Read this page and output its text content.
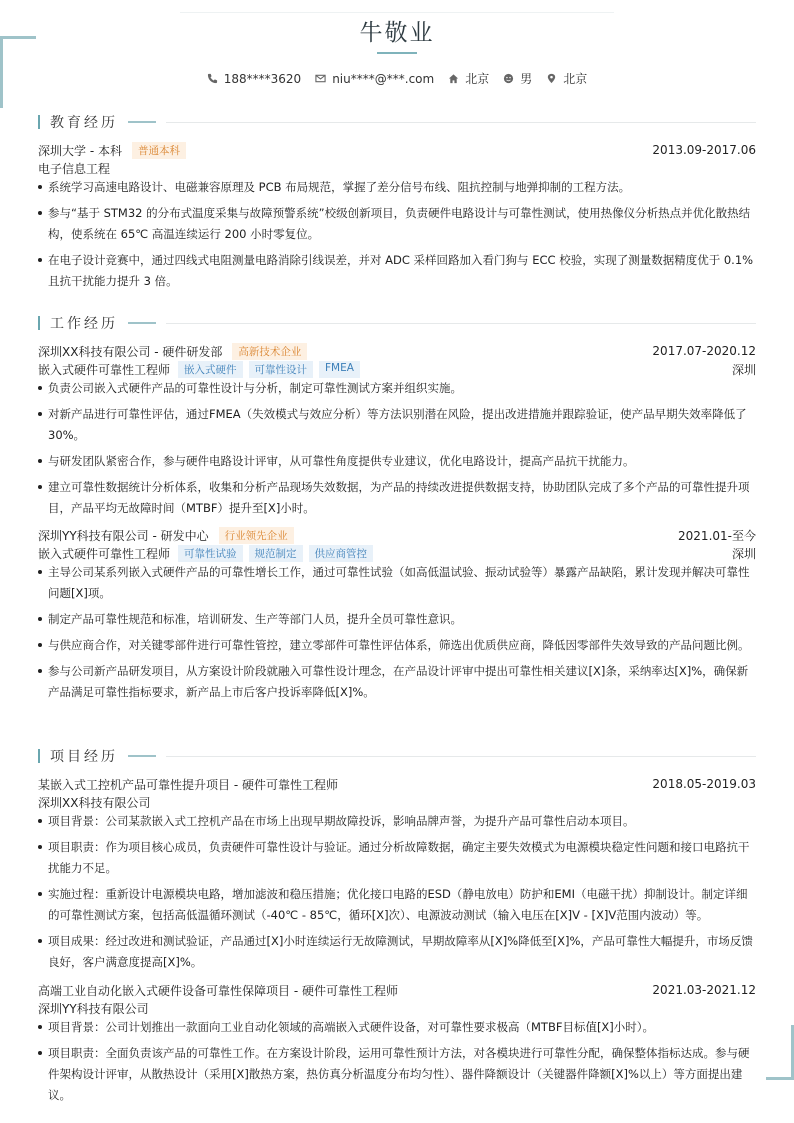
牛敬业
188****3620	niu****@***.com	北京	男	北京
教育经历
深圳大学 - 本科	普通本科	2013.09-2017.06
电子信息工程
系统学习高速电路设计、电磁兼容原理及 PCB 布局规范，掌握了差分信号布线、阻抗控制与地弹抑制的工程方法。
参与“基于 STM32 的分布式温度采集与故障预警系统”校级创新项目，负责硬件电路设计与可靠性测试，使用热像仪分析热点并优化散热结构，使系统在 65℃ 高温连续运行 200 小时零复位。
在电子设计竞赛中，通过四线式电阻测量电路消除引线误差，并对 ADC 采样回路加入看门狗与 ECC 校验，实现了测量数据精度优于 0.1% 且抗干扰能力提升 3 倍。
工作经历
深圳XX科技有限公司 - 硬件研发部	高新技术企业	2017.07-2020.12
嵌入式硬件可靠性工程师	嵌入式硬件	可靠性设计	FMEA	深圳
负责公司嵌入式硬件产品的可靠性设计与分析，制定可靠性测试方案并组织实施。
对新产品进行可靠性评估，通过FMEA（失效模式与效应分析）等方法识别潜在风险，提出改进措施并跟踪验证，使产品早期失效率降低了30%。
与研发团队紧密合作，参与硬件电路设计评审，从可靠性角度提供专业建议，优化电路设计，提高产品抗干扰能力。
建立可靠性数据统计分析体系，收集和分析产品现场失效数据，为产品的持续改进提供数据支持，协助团队完成了多个产品的可靠性提升项目，产品平均无故障时间（MTBF）提升至[X]小时。
深圳YY科技有限公司 - 研发中心	行业领先企业	2021.01-至今
嵌入式硬件可靠性工程师	可靠性试验	规范制定	供应商管控	深圳
主导公司某系列嵌入式硬件产品的可靠性增长工作，通过可靠性试验（如高低温试验、振动试验等）暴露产品缺陷，累计发现并解决可靠性问题[X]项。
制定产品可靠性规范和标准，培训研发、生产等部门人员，提升全员可靠性意识。
与供应商合作，对关键零部件进行可靠性管控，建立零部件可靠性评估体系，筛选出优质供应商，降低因零部件失效导致的产品问题比例。
参与公司新产品研发项目，从方案设计阶段就融入可靠性设计理念，在产品设计评审中提出可靠性相关建议[X]条，采纳率达[X]%，确保新产品满足可靠性指标要求，新产品上市后客户投诉率降低[X]%。
项目经历
某嵌入式工控机产品可靠性提升项目 - 硬件可靠性工程师	2018.05-2019.03
深圳XX科技有限公司
项目背景：公司某款嵌入式工控机产品在市场上出现早期故障投诉，影响品牌声誉，为提升产品可靠性启动本项目。
项目职责：作为项目核心成员，负责硬件可靠性设计与验证。通过分析故障数据，确定主要失效模式为电源模块稳定性问题和接口电路抗干扰能力不足。
实施过程：重新设计电源模块电路，增加滤波和稳压措施；优化接口电路的ESD（静电放电）防护和EMI（电磁干扰）抑制设计。制定详细的可靠性测试方案，包括高低温循环测试（-40℃ - 85℃，循环[X]次）、电源波动测试（输入电压在[X]V - [X]V范围内波动）等。
项目成果：经过改进和测试验证，产品通过[X]小时连续运行无故障测试，早期故障率从[X]%降低至[X]%，产品可靠性大幅提升，市场反馈良好，客户满意度提高[X]%。
高端工业自动化嵌入式硬件设备可靠性保障项目 - 硬件可靠性工程师	2021.03-2021.12
深圳YY科技有限公司
项目背景：公司计划推出一款面向工业自动化领域的高端嵌入式硬件设备，对可靠性要求极高（MTBF目标值[X]小时）。
项目职责：全面负责该产品的可靠性工作。在方案设计阶段，运用可靠性预计方法，对各模块进行可靠性分配，确保整体指标达成。参与硬件架构设计评审，从散热设计（采用[X]散热方案，热仿真分析温度分布均匀性）、器件降额设计（关键器件降额[X]%以上）等方面提出建议。
